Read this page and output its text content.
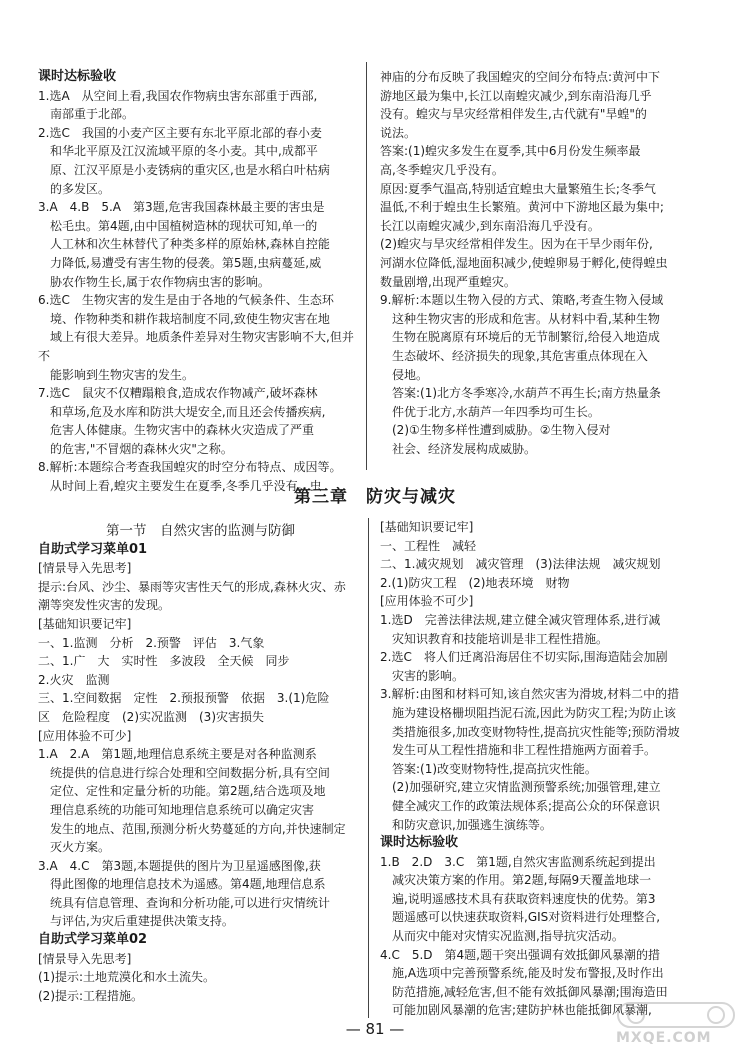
课时达标验收

1.选A　从空间上看,我国农作物病虫害东部重于西部,

　南部重于北部。

2.选C　我国的小麦产区主要有东北平原北部的春小麦

　和华北平原及江汉流域平原的冬小麦。其中,成都平

　原、江汉平原是小麦锈病的重灾区,也是水稻白叶枯病

　的多发区。

3.A　4.B　5.A　第3题,危害我国森林最主要的害虫是

　松毛虫。第4题,由中国植树造林的现状可知,单一的

　人工林和次生林替代了种类多样的原始林,森林自控能

　力降低,易遭受有害生物的侵袭。第5题,虫病蔓延,威

　胁农作物生长,属于农作物病虫害的影响。

6.选C　生物灾害的发生是由于各地的气候条件、生态环

　境、作物种类和耕作栽培制度不同,致使生物灾害在地

　域上有很大差异。地质条件差异对生物灾害影响不大,但并不

　能影响到生物灾害的发生。

7.选C　鼠灾不仅糟蹋粮食,造成农作物减产,破坏森林

　和草场,危及水库和防洪大堤安全,而且还会传播疾病,

　危害人体健康。生物灾害中的森林火灾造成了严重

　的危害,"不冒烟的森林火灾"之称。

8.解析:本题综合考查我国蝗灾的时空分布特点、成因等。

　从时间上看,蝗灾主要发生在夏季,冬季几乎没有。虫

神庙的分布反映了我国蝗灾的空间分布特点:黄河中下

游地区最为集中,长江以南蝗灾减少,到东南沿海几乎

没有。蝗灾与旱灾经常相伴发生,古代就有"旱蝗"的

说法。

答案:(1)蝗灾多发生在夏季,其中6月份发生频率最

高,冬季蝗灾几乎没有。

原因:夏季气温高,特别适宜蝗虫大量繁殖生长;冬季气

温低,不利于蝗虫生长繁殖。黄河中下游地区最为集中;

长江以南蝗灾减少,到东南沿海几乎没有。

(2)蝗灾与旱灾经常相伴发生。因为在干旱少雨年份,

河湖水位降低,湿地面积减少,使蝗卵易于孵化,使得蝗虫

数量剧增,出现严重蝗灾。

9.解析:本题以生物入侵的方式、策略,考查生物入侵域

　这种生物灾害的形成和危害。从材料中看,某种生物

　生物在脱离原有环境后的无节制繁衍,给侵入地造成

　生态破坏、经济损失的现象,其危害重点体现在入

　侵地。

　答案:(1)北方冬季寒冷,水葫芦不再生长;南方热量条

　件优于北方,水葫芦一年四季均可生长。

　(2)①生物多样性遭到威胁。②生物入侵对

　社会、经济发展构成威胁。

第三章　防灾与减灾

第一节　自然灾害的监测与防御

自助式学习菜单01

[情景导入先思考]

提示:台风、沙尘、暴雨等灾害性天气的形成,森林火灾、赤

潮等突发性灾害的发现。

[基础知识要记牢]

一、1.监测　分析　2.预警　评估　3.气象

二、1.广　大　实时性　多波段　全天候　同步

2.火灾　监测

三、1.空间数据　定性　2.预报预警　依据　3.(1)危险

区　危险程度　(2)实况监测　(3)灾害损失

[应用体验不可少]

1.A　2.A　第1题,地理信息系统主要是对各种监测系

　统提供的信息进行综合处理和空间数据分析,具有空间

　定位、定性和定量分析的功能。第2题,结合选项及地

　理信息系统的功能可知地理信息系统可以确定灾害

　发生的地点、范围,预测分析火势蔓延的方向,并快速制定

　灭火方案。

3.A　4.C　第3题,本题提供的图片为卫星遥感图像,获

　得此图像的地理信息技术为遥感。第4题,地理信息系

　统具有信息管理、查询和分析功能,可以进行灾情统计

　与评估,为灾后重建提供决策支持。

自助式学习菜单02

[情景导入先思考]

(1)提示:土地荒漠化和水土流失。

(2)提示:工程措施。

[基础知识要记牢]

一、工程性　减轻

二、1.减灾规划　减灾管理　(3)法律法规　减灾规划

2.(1)防灾工程　(2)地表环境　财物

[应用体验不可少]

1.选D　完善法律法规,建立健全减灾管理体系,进行减

　灾知识教育和技能培训是非工程性措施。

2.选C　将人们迁离沿海居住不切实际,围海造陆会加剧

　灾害的影响。

3.解析:由图和材料可知,该自然灾害为滑坡,材料二中的措

　施为建设格栅坝阻挡泥石流,因此为防灾工程;为防止该

　类措施很多,加改变财物特性,提高抗灾性能等;预防滑坡

　发生可从工程性措施和非工程性措施两方面着手。

　答案:(1)改变财物特性,提高抗灾性能。

　(2)加强研究,建立灾情监测预警系统;加强管理,建立

　健全减灾工作的政策法规体系;提高公众的环保意识

　和防灾意识,加强逃生演练等。

课时达标验收

1.B　2.D　3.C　第1题,自然灾害监测系统起到提出

　减灾决策方案的作用。第2题,每隔9天覆盖地球一

　遍,说明遥感技术具有获取资料速度快的优势。第3

　题遥感可以快速获取资料,GIS对资料进行处理整合,

　从而灾中能对灾情实况监测,指导抗灾活动。

4.C　5.D　第4题,题干突出强调有效抵御风暴潮的措

　施,A选项中完善预警系统,能及时发布警报,及时作出

　防范措施,减轻危害,但不能有效抵御风暴潮;围海造田

　可能加剧风暴潮的危害;建防护林也能抵御风暴潮,

— 81 —	MXQE.COM
